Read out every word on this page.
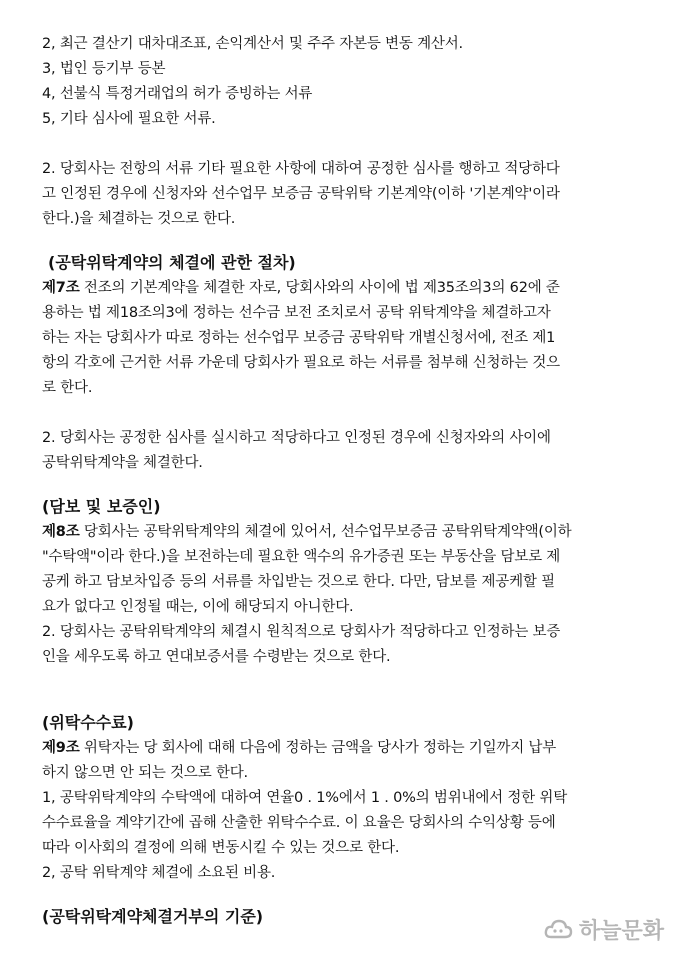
2, 최근 결산기 대차대조표, 손익계산서 및 주주 자본등 변동 계산서.
3, 법인 등기부 등본
4, 선불식 특정거래업의 허가 증빙하는 서류
5, 기타 심사에 필요한 서류.
2. 당회사는 전항의 서류 기타 필요한 사항에 대하여 공정한 심사를 행하고 적당하다
고 인정된 경우에 신청자와 선수업무 보증금 공탁위탁 기본계약(이하 '기본계약'이라
한다.)을 체결하는 것으로 한다.
(공탁위탁계약의 체결에 관한 절차)
제7조 전조의 기본계약을 체결한 자로, 당회사와의 사이에 법 제35조의3의 62에 준
용하는 법 제18조의3에 정하는 선수금 보전 조치로서 공탁 위탁계약을 체결하고자
하는 자는 당회사가 따로 정하는 선수업무 보증금 공탁위탁 개별신청서에, 전조 제1
항의 각호에 근거한 서류 가운데 당회사가 필요로 하는 서류를 첨부해 신청하는 것으
로 한다.
2. 당회사는 공정한 심사를 실시하고 적당하다고 인정된 경우에 신청자와의 사이에
공탁위탁계약을 체결한다.
(담보 및 보증인)
제8조 당회사는 공탁위탁계약의 체결에 있어서, 선수업무보증금 공탁위탁계약액(이하
"수탁액"이라 한다.)을 보전하는데 필요한 액수의 유가증권 또는 부동산을 담보로 제
공케 하고 담보차입증 등의 서류를 차입받는 것으로 한다. 다만, 담보를 제공케할 필
요가 없다고 인정될 때는, 이에 해당되지 아니한다.
2. 당회사는 공탁위탁계약의 체결시 원칙적으로 당회사가 적당하다고 인정하는 보증
인을 세우도록 하고 연대보증서를 수령받는 것으로 한다.
(위탁수수료)
제9조 위탁자는 당 회사에 대해 다음에 정하는 금액을 당사가 정하는 기일까지 납부
하지 않으면 안 되는 것으로 한다.
1, 공탁위탁계약의 수탁액에 대하여 연율0 . 1%에서 1 . 0%의 범위내에서 정한 위탁
수수료율을 계약기간에 곱해 산출한 위탁수수료. 이 요율은 당회사의 수익상황 등에
따라 이사회의 결정에 의해 변동시킬 수 있는 것으로 한다.
2, 공탁 위탁계약 체결에 소요된 비용.
(공탁위탁계약체결거부의 기준)
하늘문화
